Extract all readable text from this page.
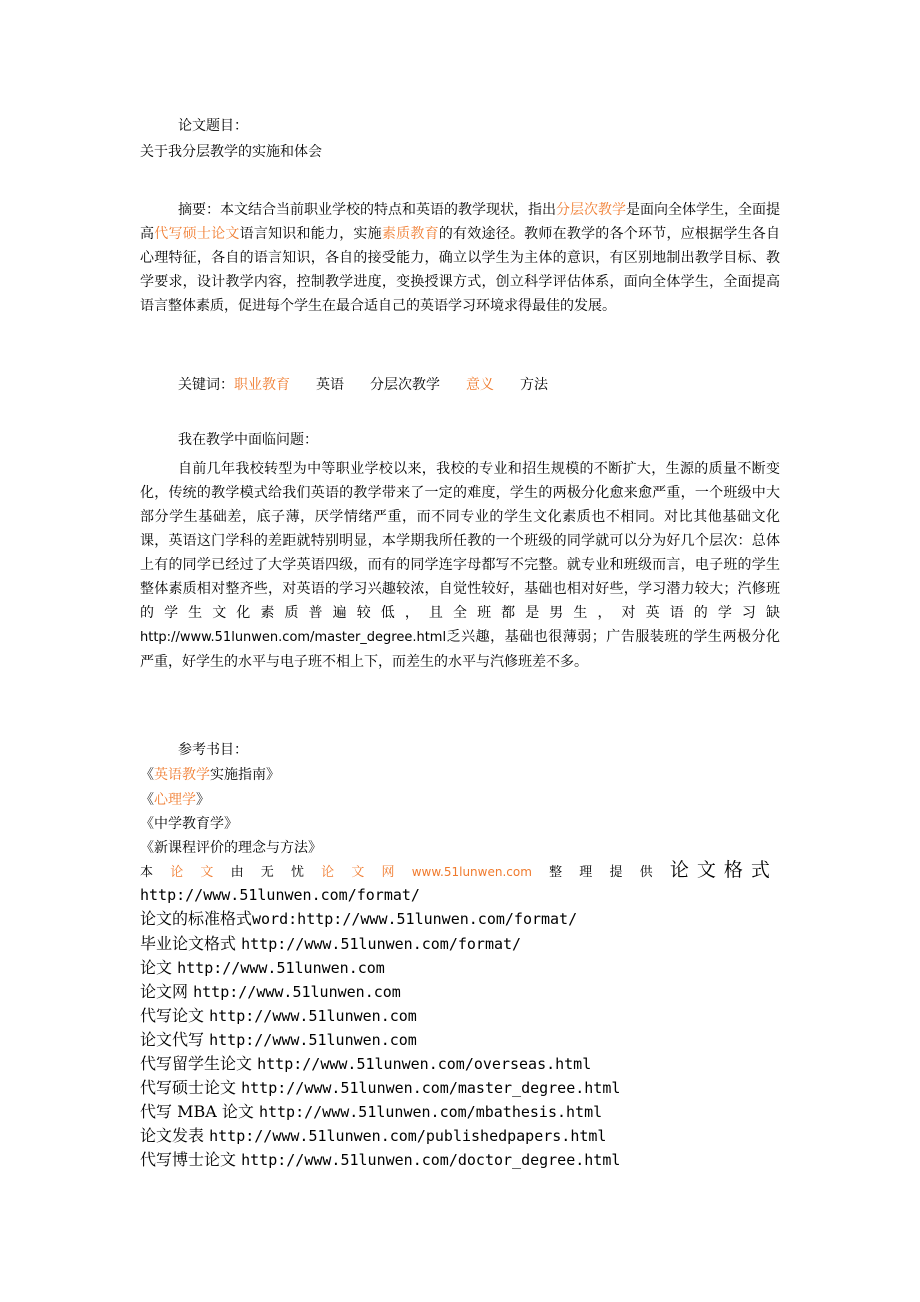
论文题目：
关于我分层教学的实施和体会

摘要：本文结合当前职业学校的特点和英语的教学现状，指出分层次教学是面向全体学生，全面提高代写硕士论文语言知识和能力，实施素质教育的有效途径。教师在教学的各个环节，应根据学生各自心理特征，各自的语言知识，各自的接受能力，确立以学生为主体的意识，有区别地制出教学目标、教学要求，设计教学内容，控制教学进度，变换授课方式，创立科学评估体系，面向全体学生，全面提高语言整体素质，促进每个学生在最合适自己的英语学习环境求得最佳的发展。

关键词：职业教育 英语 分层次教学 意义 方法
我在教学中面临问题：

自前几年我校转型为中等职业学校以来，我校的专业和招生规模的不断扩大，生源的质量不断变化，传统的教学模式给我们英语的教学带来了一定的难度，学生的两极分化愈来愈严重，一个班级中大部分学生基础差，底子薄，厌学情绪严重，而不同专业的学生文化素质也不相同。对比其他基础文化课，英语这门学科的差距就特别明显，本学期我所任教的一个班级的同学就可以分为好几个层次：总体上有的同学已经过了大学英语四级，而有的同学连字母都写不完整。就专业和班级而言，电子班的学生整体素质相对整齐些，对英语的学习兴趣较浓，自觉性较好，基础也相对好些，学习潜力较大；汽修班的学生文化素质普遍较低，且全班都是男生，对英语的学习缺http://www.51lunwen.com/master_degree.html乏兴趣，基础也很薄弱；广告服装班的学生两极分化严重，好学生的水平与电子班不相上下，而差生的水平与汽修班差不多。

参考书目：
《英语教学实施指南》
《心理学》
《中学教育学》
《新课程评价的理念与方法》
本 论 文 由 无 忧 论 文 网 www.51lunwen.com 整 理 提 供 论文格式
http://www.51lunwen.com/format/
论文的标准格式word:http://www.51lunwen.com/format/
毕业论文格式 http://www.51lunwen.com/format/
论文 http://www.51lunwen.com
论文网 http://www.51lunwen.com
代写论文 http://www.51lunwen.com
论文代写 http://www.51lunwen.com
代写留学生论文 http://www.51lunwen.com/overseas.html
代写硕士论文 http://www.51lunwen.com/master_degree.html
代写 MBA 论文 http://www.51lunwen.com/mbathesis.html
论文发表 http://www.51lunwen.com/publishedpapers.html
代写博士论文 http://www.51lunwen.com/doctor_degree.html
